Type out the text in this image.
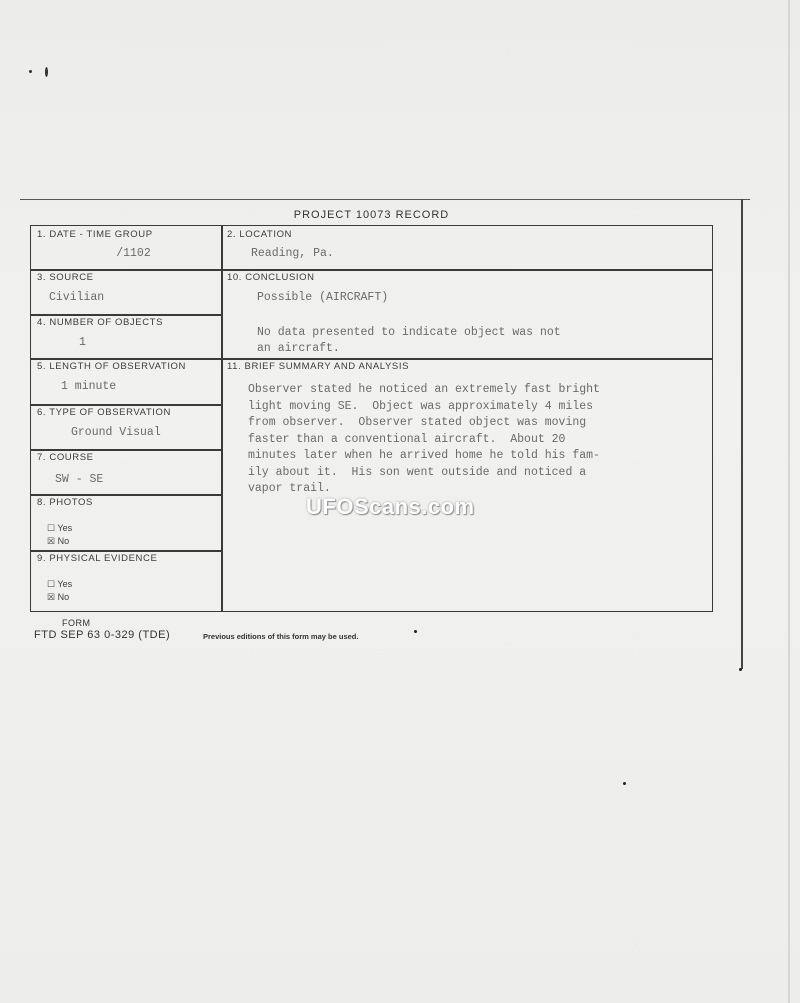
PROJECT 10073 RECORD
1. DATE - TIME GROUP
/1102
2. LOCATION
Reading, Pa.
3. SOURCE
Civilian
10. CONCLUSION
Possible (AIRCRAFT)
No data presented to indicate object was not
an aircraft.
4. NUMBER OF OBJECTS
1
5. LENGTH OF OBSERVATION
1 minute
11. BRIEF SUMMARY AND ANALYSIS
6. TYPE OF OBSERVATION
Ground Visual
7. COURSE
SW - SE
8. PHOTOS
☐ Yes
☒ No
9. PHYSICAL EVIDENCE
☐ Yes
☒ No
Observer stated he noticed an extremely fast bright
light moving SE.  Object was approximately 4 miles
from observer.  Observer stated object was moving
faster than a conventional aircraft.  About 20
minutes later when he arrived home he told his fam-
ily about it.  His son went outside and noticed a
vapor trail.
UFOScans.com
FORM
FTD SEP 63 0-329 (TDE)	Previous editions of this form may be used.
